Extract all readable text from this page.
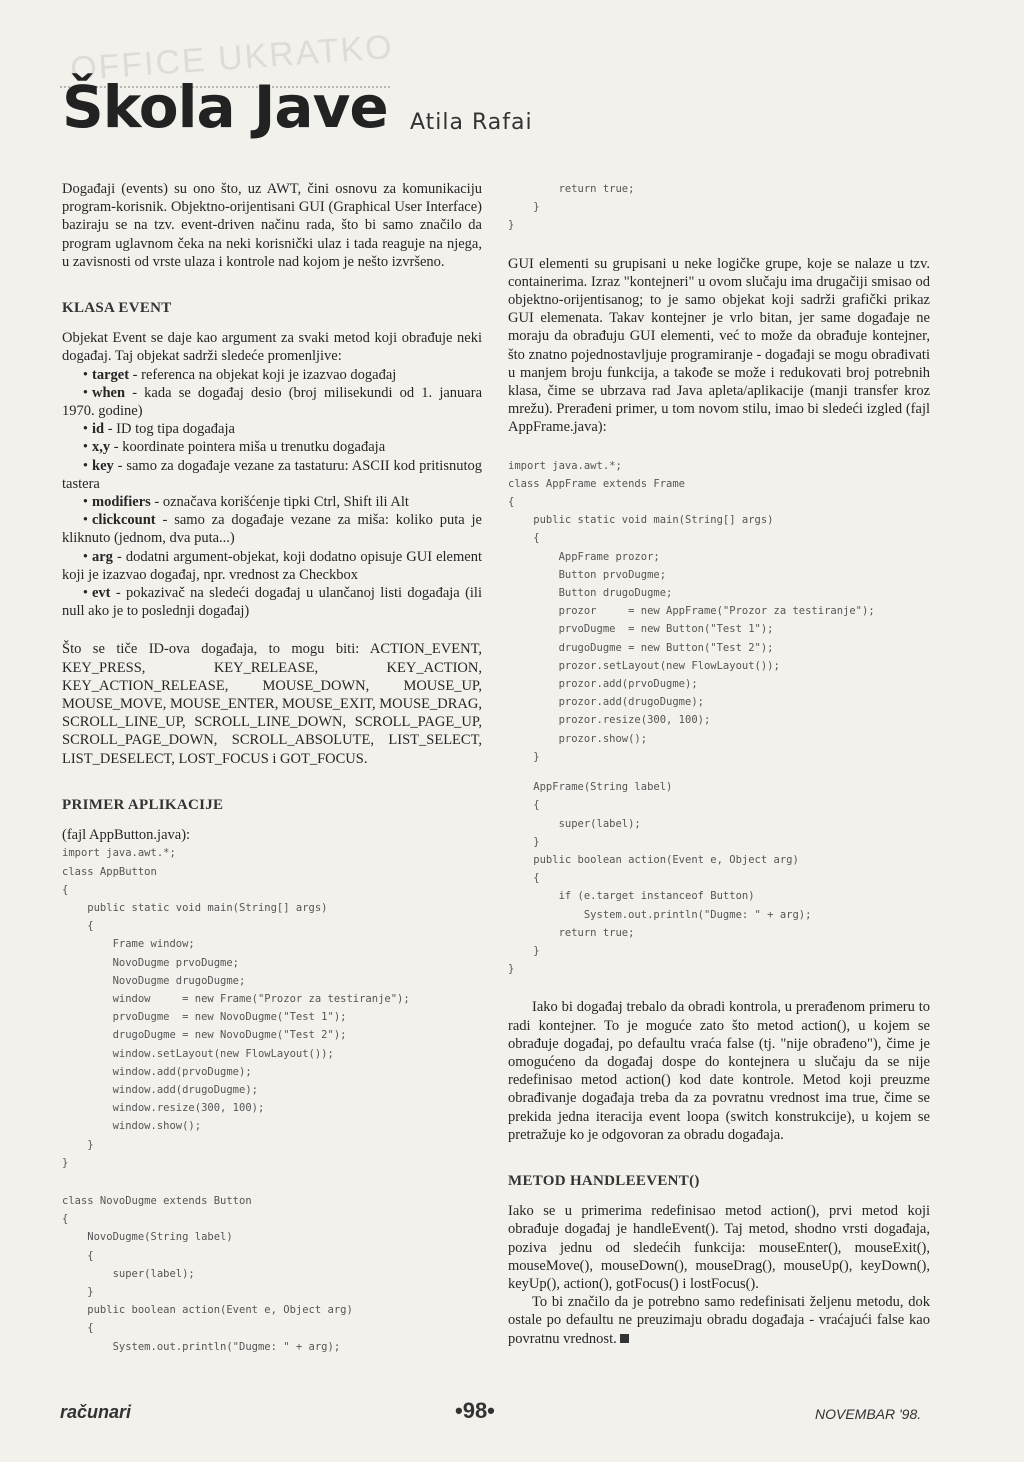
OFFICE UKRATKO
Škola Jave Atila Rafai

Događaji (events) su ono što, uz AWT, čini osnovu za komunikaciju program-korisnik. Objektno-orijentisani GUI (Graphical User Interface) baziraju se na tzv. event-driven načinu rada, što bi samo značilo da program uglavnom čeka na neki korisnički ulaz i tada reaguje na njega, u zavisnosti od vrste ulaza i kontrole nad kojom je nešto izvršeno.

KLASA EVENT

Objekat Event se daje kao argument za svaki metod koji obrađuje neki događaj. Taj objekat sadrži sledeće promenljive:

• target - referenca na objekat koji je izazvao događaj

• when - kada se događaj desio (broj milisekundi od 1. januara 1970. godine)

• id - ID tog tipa događaja

• x,y - koordinate pointera miša u trenutku događaja

• key - samo za događaje vezane za tastaturu: ASCII kod pritisnutog tastera

• modifiers - označava korišćenje tipki Ctrl, Shift ili Alt

• clickcount - samo za događaje vezane za miša: koliko puta je kliknuto (jednom, dva puta...)

• arg - dodatni argument-objekat, koji dodatno opisuje GUI element koji je izazvao događaj, npr. vrednost za Checkbox

• evt - pokazivač na sledeći događaj u ulančanoj listi događaja (ili null ako je to poslednji događaj)

Što se tiče ID-ova događaja, to mogu biti: ACTION_EVENT, KEY_PRESS, KEY_RELEASE, KEY_ACTION, KEY_ACTION_RELEASE, MOUSE_DOWN, MOUSE_UP, MOUSE_MOVE, MOUSE_ENTER, MOUSE_EXIT, MOUSE_DRAG, SCROLL_LINE_UP, SCROLL_LINE_DOWN, SCROLL_PAGE_UP, SCROLL_PAGE_DOWN, SCROLL_ABSOLUTE, LIST_SELECT, LIST_DESELECT, LOST_FOCUS i GOT_FOCUS.

PRIMER APLIKACIJE

(fajl AppButton.java):

import java.awt.*;
class AppButton
{
public static void main(String[] args)
{
Frame window;
NovoDugme prvoDugme;
NovoDugme drugoDugme;
window     = new Frame("Prozor za testiranje");
prvoDugme  = new NovoDugme("Test 1");
drugoDugme = new NovoDugme("Test 2");
window.setLayout(new FlowLayout());
window.add(prvoDugme);
window.add(drugoDugme);
window.resize(300, 100);
window.show();
}
}
class NovoDugme extends Button
{
NovoDugme(String label)
{
super(label);
}
public boolean action(Event e, Object arg)
{
System.out.println("Dugme: " + arg);
return true;
}
}

GUI elementi su grupisani u neke logičke grupe, koje se nalaze u tzv. containerima. Izraz "kontejneri" u ovom slučaju ima drugačiji smisao od objektno-orijentisanog; to je samo objekat koji sadrži grafički prikaz GUI elemenata. Takav kontejner je vrlo bitan, jer same događaje ne moraju da obrađuju GUI elementi, već to može da obrađuje kontejner, što znatno pojednostavljuje programiranje - događaji se mogu obrađivati u manjem broju funkcija, a takođe se može i redukovati broj potrebnih klasa, čime se ubrzava rad Java apleta/aplikacije (manji transfer kroz mrežu). Prerađeni primer, u tom novom stilu, imao bi sledeći izgled (fajl AppFrame.java):

import java.awt.*;
class AppFrame extends Frame
{
public static void main(String[] args)
{
AppFrame prozor;
Button prvoDugme;
Button drugoDugme;
prozor     = new AppFrame("Prozor za testiranje");
prvoDugme  = new Button("Test 1");
drugoDugme = new Button("Test 2");
prozor.setLayout(new FlowLayout());
prozor.add(prvoDugme);
prozor.add(drugoDugme);
prozor.resize(300, 100);
prozor.show();
}
AppFrame(String label)
{
super(label);
}
public boolean action(Event e, Object arg)
{
if (e.target instanceof Button)
System.out.println("Dugme: " + arg);
return true;
}
}

Iako bi događaj trebalo da obradi kontrola, u prerađenom primeru to radi kontejner. To je moguće zato što metod action(), u kojem se obrađuje događaj, po defaultu vraća false (tj. "nije obrađeno"), čime je omogućeno da događaj dospe do kontejnera u slučaju da se nije redefinisao metod action() kod date kontrole. Metod koji preuzme obrađivanje događaja treba da za povratnu vrednost ima true, čime se prekida jedna iteracija event loopa (switch konstrukcije), u kojem se pretražuje ko je odgovoran za obradu događaja.

METOD HANDLEEVENT()

Iako se u primerima redefinisao metod action(), prvi metod koji obrađuje događaj je handleEvent(). Taj metod, shodno vrsti događaja, poziva jednu od sledećih funkcija: mouseEnter(), mouseExit(), mouseMove(), mouseDown(), mouseDrag(), mouseUp(), keyDown(), keyUp(), action(), gotFocus() i lostFocus().

To bi značilo da je potrebno samo redefinisati željenu metodu, dok ostale po defaultu ne preuzimaju obradu događaja - vraćajući false kao povratnu vrednost.

računari	•98•	NOVEMBAR '98.
